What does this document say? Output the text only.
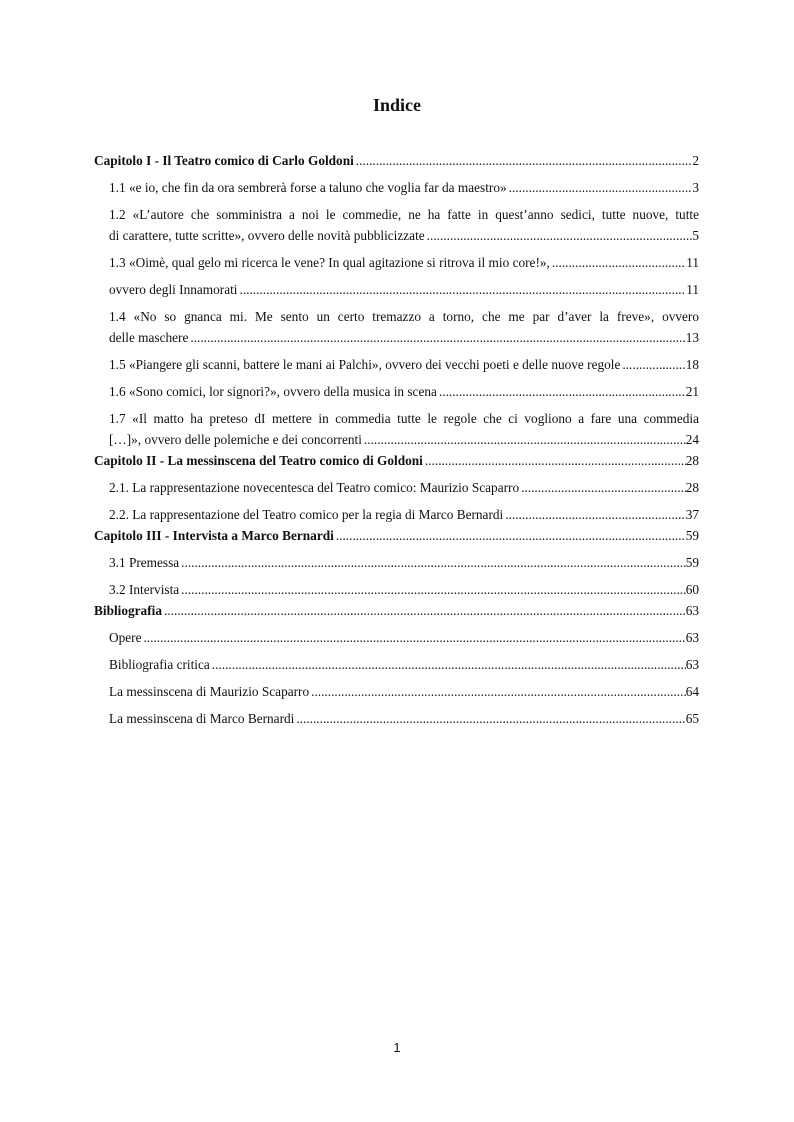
Indice
Capitolo I - Il Teatro comico di Carlo Goldoni .....	2
1.1 «e io, che fin da ora sembrerà forse a taluno che voglia far da maestro» .....	3
1.2 «L’autore che somministra a noi le commedie, ne ha fatte in quest’anno sedici, tutte nuove, tutte
di carattere, tutte scritte», ovvero delle novità pubblicizzate .....	5
1.3 «Oimè, qual gelo mi ricerca le vene? In qual agitazione si ritrova il mio core!», .....	11
ovvero degli Innamorati .....	11
1.4 «No so gnanca mi. Me sento un certo tremazzo a torno, che me par d’aver la freve», ovvero
delle maschere .....	13
1.5 «Piangere gli scanni, battere le mani ai Palchi», ovvero dei vecchi poeti e delle nuove regole .....	18
1.6 «Sono comici, lor signori?», ovvero della musica in scena .....	21
1.7 «Il matto ha preteso dI mettere in commedia tutte le regole che ci vogliono a fare una commedia
[…]», ovvero delle polemiche e dei concorrenti .....	24
Capitolo II - La messinscena del Teatro comico di Goldoni .....	28
2.1. La rappresentazione novecentesca del Teatro comico: Maurizio Scaparro .....	28
2.2. La rappresentazione del Teatro comico per la regia di Marco Bernardi .....	37
Capitolo III - Intervista a Marco Bernardi .....	59
3.1 Premessa .....	59
3.2 Intervista .....	60
Bibliografia .....	63
Opere .....	63
Bibliografia critica .....	63
La messinscena di Maurizio Scaparro .....	64
La messinscena di Marco Bernardi .....	65
1
